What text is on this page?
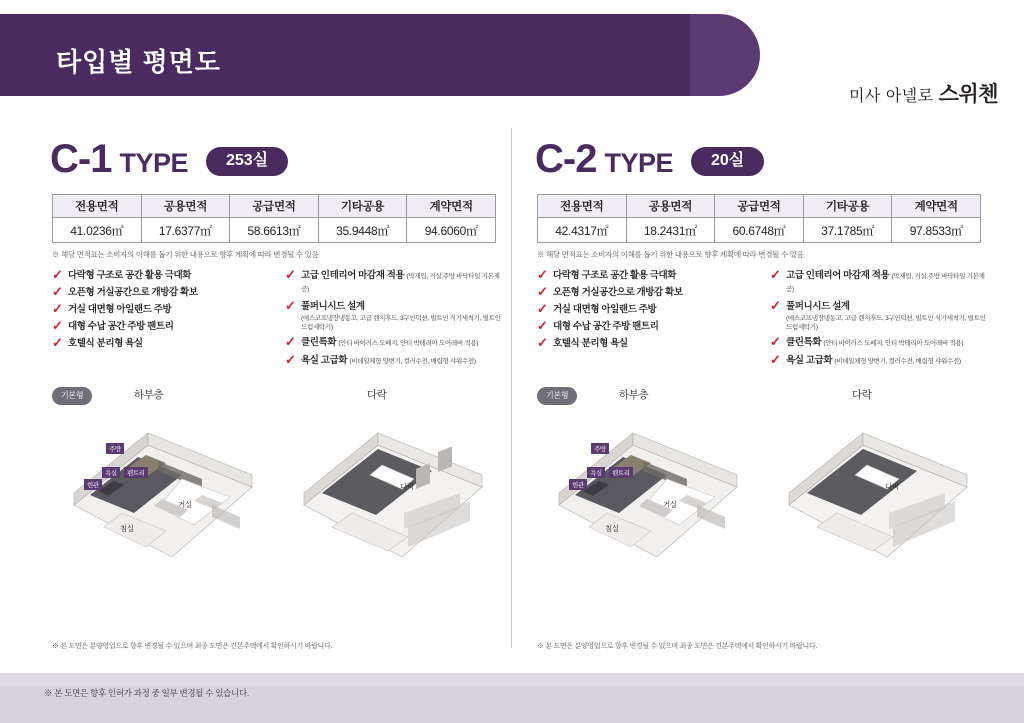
타입별 평면도
미사 아넬로 스위첸
C-1 TYPE	253실
전용면적	공용면적	공급면적	기타공용	계약면적
41.0236㎡	17.6377㎡	58.6613㎡	35.9448㎡	94.6060㎡
※ 해당 면적표는 소비자의 이해를 돕기 위한 내용으로 향후 계획에 따라 변경될 수 있음
✓ 다락형 구조로 공간 활용 극대화
✓ 오픈형 거실공간으로 개방감 확보
✓ 거실 대면형 아일랜드 주방
✓ 대형 수납 공간 주방 팬트리
✓ 호텔식 분리형 욕실
✓ 고급 인테리어 마감재 적용 (막재입, 거실;주방 바닥타일 기본제공)
✓ 풀퍼니시드 설계
(에스코프냉장냉동고, 고급 렌지후드, 3구인덕션, 빌트인 식기세척기, 빌트인 드럼세탁기)
✓ 클린특화 (안티 바이러스 도배지, 안티 박테리아 도어레버 적용)
✓ 욕실 고급화 (비데일체형 양변기, 컬러수전, 매립형 샤워수전)
기본형	하부층	다락
주방
욕실	펜트리
현관
침실
거실
다락
※ 본 도면은 분양영업으로 향후 변경될 수 있으며 최종 도면은 견본주택에서 확인하시기 바랍니다.
C-2 TYPE	20실
전용면적	공용면적	공급면적	기타공용	계약면적
42.4317㎡	18.2431㎡	60.6748㎡	37.1785㎡	97.8533㎡
※ 해당 면적표는 소비자의 이해를 돕기 위한 내용으로 향후 계획에 따라 변경될 수 있음
✓ 다락형 구조로 공간 활용 극대화
✓ 오픈형 거실공간으로 개방감 확보
✓ 거실 대면형 아일랜드 주방
✓ 대형 수납 공간 주방 팬트리
✓ 호텔식 분리형 욕실
✓ 고급 인테리어 마감재 적용 (막재입, 거실;주방 바닥타일 기본제공)
✓ 풀퍼니시드 설계
(에스코프냉장냉동고, 고급 렌지후드, 3구인덕션, 빌트인 식기세척기, 빌트인 드럼세탁기)
✓ 클린특화 (안티 바이러스 도배지, 안티 박테리아 도어레버 적용)
✓ 욕실 고급화 (비데일체형 양변기, 컬러수전, 매립형 샤워수전)
기본형	하부층	다락
주방
욕실	펜트리
현관
침실
거실
다락
※ 본 도면은 분양영업으로 향후 변경될 수 있으며 최종 도면은 견본주택에서 확인하시기 바랍니다.
※ 본 도면은 향후 인허가 과정 중 일부 변경될 수 있습니다.
